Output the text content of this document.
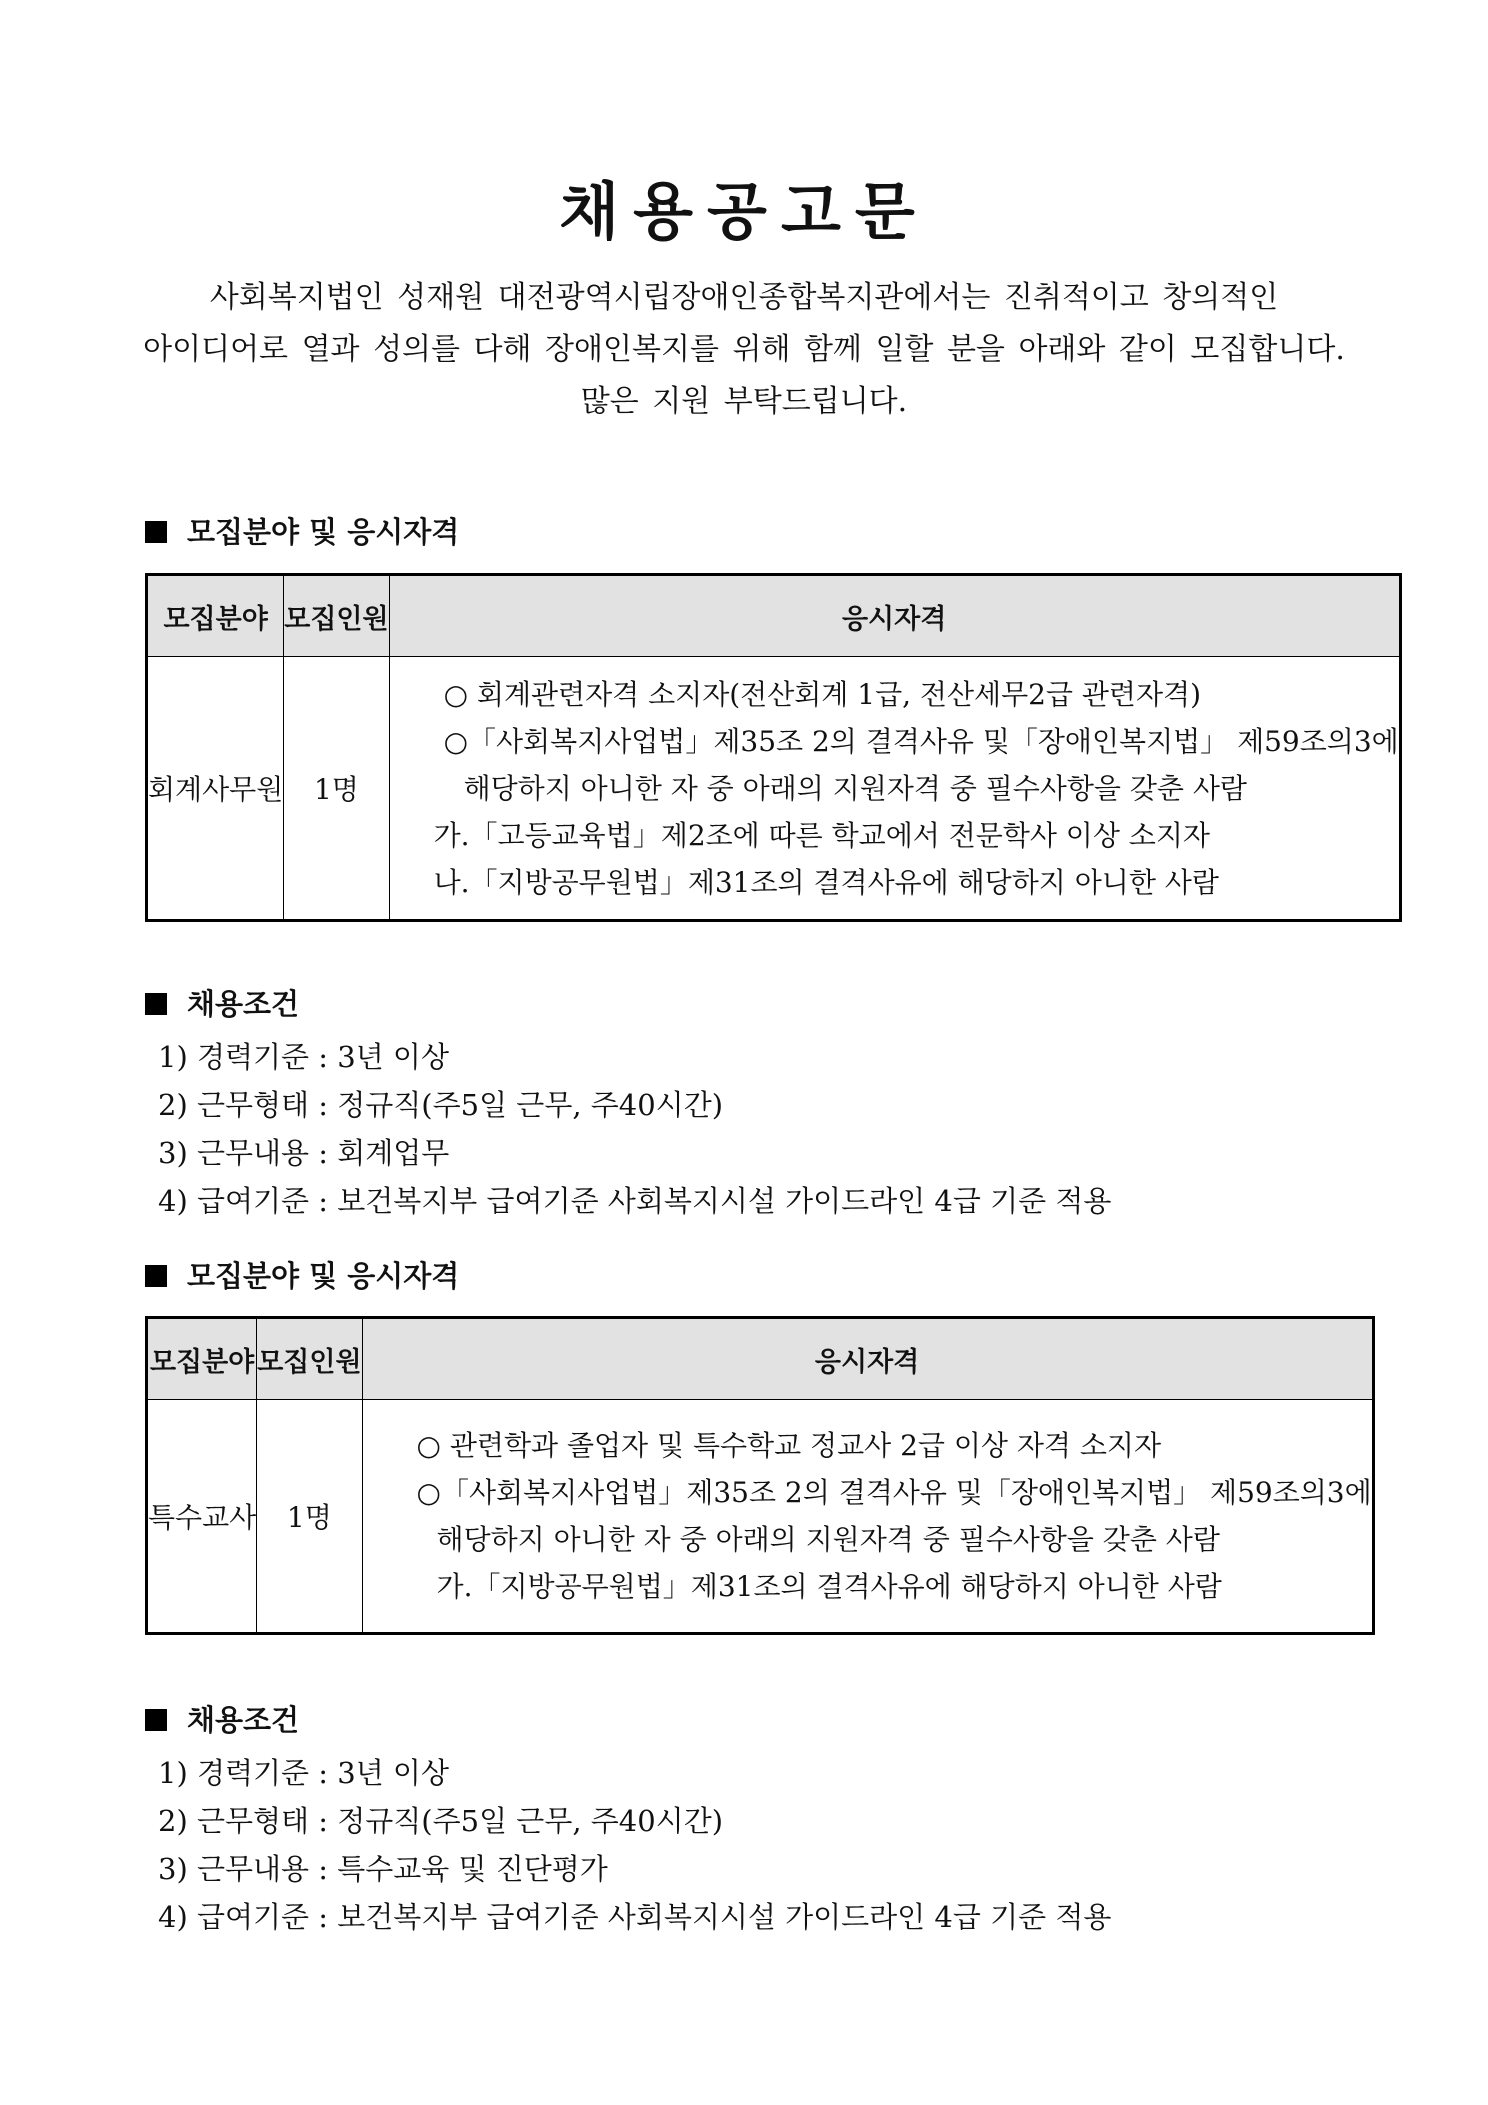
채용공고문
사회복지법인 성재원 대전광역시립장애인종합복지관에서는 진취적이고 창의적인
아이디어로 열과 성의를 다해 장애인복지를 위해 함께 일할 분을 아래와 같이 모집합니다.
많은 지원 부탁드립니다.
모집분야 및 응시자격
모집분야	모집인원	응시자격
회계사무원	1명	○ 회계관련자격 소지자(전산회계 1급, 전산세무2급 관련자격)
○「사회복지사업법」제35조 2의 결격사유 및「장애인복지법」 제59조의3에
해당하지 아니한 자 중 아래의 지원자격 중 필수사항을 갖춘 사람
가.「고등교육법」제2조에 따른 학교에서 전문학사 이상 소지자
나.「지방공무원법」제31조의 결격사유에 해당하지 아니한 사람
채용조건
1) 경력기준 : 3년 이상
2) 근무형태 : 정규직(주5일 근무, 주40시간)
3) 근무내용 : 회계업무
4) 급여기준 : 보건복지부 급여기준 사회복지시설 가이드라인 4급 기준 적용
모집분야 및 응시자격
모집분야	모집인원	응시자격
특수교사	1명	○ 관련학과 졸업자 및 특수학교 정교사 2급 이상 자격 소지자
○「사회복지사업법」제35조 2의 결격사유 및「장애인복지법」 제59조의3에
해당하지 아니한 자 중 아래의 지원자격 중 필수사항을 갖춘 사람
가.「지방공무원법」제31조의 결격사유에 해당하지 아니한 사람
채용조건
1) 경력기준 : 3년 이상
2) 근무형태 : 정규직(주5일 근무, 주40시간)
3) 근무내용 : 특수교육 및 진단평가
4) 급여기준 : 보건복지부 급여기준 사회복지시설 가이드라인 4급 기준 적용
